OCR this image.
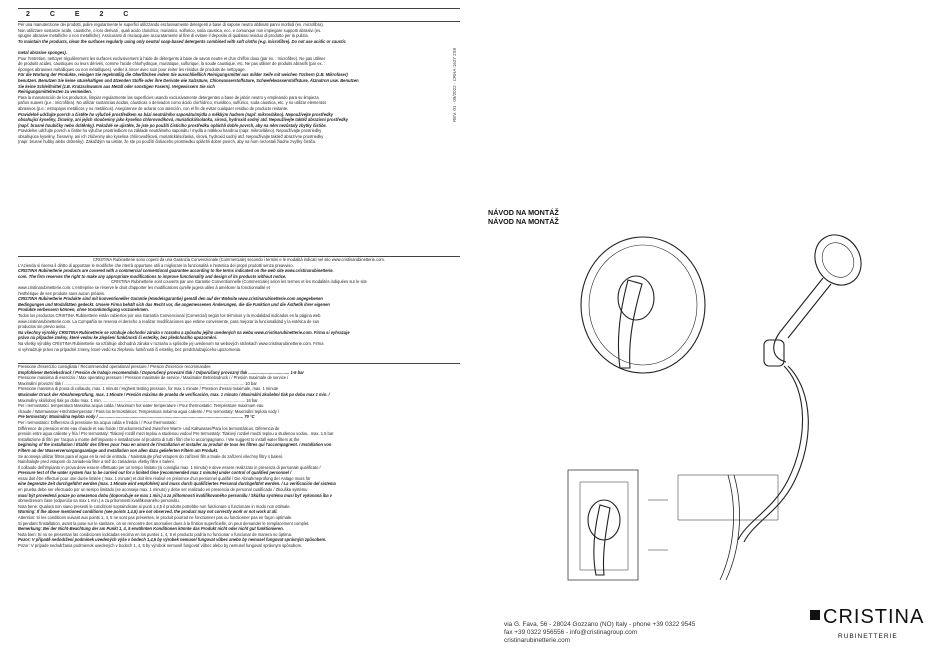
2 C E 2 C
Per una manutenzione dei prodotti, pulire regolarmente le superfici utilizzando esclusivamente detergenti a base di sapone neutro abbinati panni morbidi (es. microfibra).
Non utilizzare sostanze acide, caustiche, o loro derivati , quali acido cloridrico, muriatico, solforico, soda caustica, ecc. e comunque non impiegare supporti abrasivi (es.
spugne abrasive metalliche o non metalliche). Assicurarsi di risciacquare accuratamente al fine di evitare il deposito di qualsiasi residuo di prodotto per la pulizia.
To maintain the products, clean the surfaces regularly using only neutral soap-based detergents combined with soft cloths (e.g. microfibre). Do not use acidic or caustic

metal abrasive sponges).
Pour l'entretien, nettoyer régulièrement les surfaces exclusivement à l'aide de détergents à base de savon neutre et d'un chiffon doux (par ex. : microfibre). Ne pas utiliser
de produits acides, caustiques ou leurs dérivés, comme l'acide chlorhydrique, muriatique, sulfurique, la soude caustique, etc. Ne pas utiliser de produits abrasifs (par ex. :
éponges abrasives métalliques ou non métalliques). veiller à rincer avec soin pour éviter les résidus de produits de nettoyage.
Für die Wartung der Produkte, reinigen Sie regelmäßig die Oberflächen indem Sie ausschließlich Reinigungsmittel aus milder Seife mit weichen Tüchern (z.B. Mikrofaser)
benutzen. Benutzen Sie keine säurehaltigen und ätzenden Stoffe oder ihre Derivate wie Salzsäure, Chlorwasserstoffsäure, Schwefelwasserstoffsäure, Ätznatron usw. Benutzen
Sie keine Schleifmittel (z.B. Kratzschwamm aus Metall oder sonstigen Fasern). Vergewissern Sie sich
Reinigungsmittelresten zu vermeiden.
Para la manutención de los productos, limpiar regularmente las superficies usando exclusivamente detergentes a base de jabón neutro y empleando para su limpieza
paños suaves (p.e.: microfibra). No utilizar sustancias ácidas, cáusticas o derivados como ácido clorhídrico, muriático, sulfúrico, soda cáustica, etc. y no utilizar elementos
abrasivos (p.e.: estropajos metálicos y no metálicos). Asegúrense de aclarar con atención, con el fin de evitar cualquier residuo de producto restante.
Pravidelně udržujte povrch a čistěte ho výlučně prostředkem na bázi neutrálního saponátu/mýdla a měkkým hadrem (např. mikrovlákno). Nepoužívejte prostředky
obsahující kyseliny, žíraviny, ani jejich sloučeniny jako kyselina chlorovodíková, muriatická/solanka, sírová, hydroxid sodný atd. Nepoužívejte taktéž abrazivní prostředky
(např. brusné houbičky nebo drátěnky). Pokaždé se ujistěte, že jste po použití čisticího prostředku opláchli dobře povrch, aby na něm nezůstaly zbytky čističe.
Pravidelne udržujte povrch a čistite ho výlučne prostriedkom na základe neutrálneho saponátu / mydla a mäkkou handrou (napr. mikrovlákno). Nepoužívajte prostriedky
obsahujúce kyseliny, žieraviny, ani ich zlúčeniny ako kyselina chlórovodíková, muriatická/soľanka, sírová, hydroxid sodný atď. Nepoužívajte taktiež abrazívne prostriedky
(napr. brusné hubky alebo drôtenky). Zakaždým sa uistite, že ste po použití čistiaceho prostriedku opláchli dobre povrch, aby na ňom nezostali žiadne zvyšky čističa.
CRISTINA Rubinetterie sono coperti da una Garanzia Convenzionale (Commerciale) secondo i termini e le modalità indicati nel sito www.cristinarubinetterie.com.
L'Azienda si riserva il diritto di apportare le modifiche che riterrà opportune utili a migliorare la funzionalità e l'estetica dei propri prodotti senza preavviso.
CRISTINA Rubinetterie products are covered with a commercial conventional guarantee according to the terms indicated on the web site www.cristinarubinetterie.
com. The firm reserves the right to make any appropriate modifications to improve functionality and design of its products without notice.
CRISTINA Rubinetterie sont couverts par une Garantie Conventionnelle (Commerciale) selon les termes et les modalités indiquées sur le site
www.cristinarubinetterie.com. L'entreprise se réserve le droit d'apporter les modifications qu'elle jugera utiles à améliorer la fonctionnalité et
l'esthétique de ses produits sans aucun préavis.
CRISTINA Rubinetterie Produkte sind mit konventioneller Garantie (Handelsgarantie) gemäß den auf der Website www.cristinarubinetterie.com angegebenen
Bedingungen und Modalitäten gedeckt. Unsere Firma behält sich das Recht vor, die angemessenen Änderungen, die die Funktion und die Ästhetik ihrer eigenen
Produkte verbessern können, ohne Vorankündigung vorzunehmen.
Todos los productos CRISTINA Rubinetterie están cubiertos por una Garantía Convencional (Comercial) según los términos y la modalidad indicados en la página web
www.cristinarubinetterie.com. La Compañía se reserva el derecho a realizar modificaciones que estime conveniente, para mejorar la funcionalidad y la estética de sus
productos sin previo aviso.
Na všechny výrobky CRISTINA Rubinetterie se vztahuje obchodní záruka v rozsahu a způsobu jejího uvedených na webu www.cristinarubinetterie.com. Firma si vyhrazuje
právo na případné změny, které vedou ke zlepšení funkčnosti či estetiky, bez předchozího upozornění.
Na všetky výrobky CRISTINA Rubinetterie sa vzťahuje obchodná záruka v rozsahu a spôsobe jej uvedenom na webových stránkach www.cristinarubinetterie.com. Firma
si vyhradzuje právo na prípadné zmeny, ktoré vedú ku zlepšeniu funkčnosti či estetiky, bez predchádzajúceho upozornenia.
Pressione d'esercizio consigliata / Recommended operational pressure / Presion d'exercice recommandee
Empfohlener Betriebsdruck / Presión de trabajo recomendada / Doporučený provozní tlak / Odporúčaný provozný tlak .................................... 1-5 bar
Pressione massima di esercizio / Max operating pressure / Pression maximale de service / Maximaler Betriebsdruck / / Presión maximale de service /
Maximální provozní tlak / .............................................................................................................................................................. 10 bar
Pressione massima di prova di collaudo, max. 1 minuto / Highest testing pressure, for max 1 minute / Pression d'essai maximale, max. 1 minute
Maximaler Druck der Abnahmeprüfung, max. 1 Minute / Presión máxima de prueba de verificación, max. 1 minuto / Maximální zkušební tlak po dobu max 1 min. /
Maximálny skúšobný tlak po dobu max. 1 min. ............................................................................................................................. 16 bar
Per i termostatici: temperatura Massima acqua calda / Maximum hot water temperature / Pour thermostatic: Température maximum eau
chaude / Warmwasser-Höchsttemperatur / Para los termostáticos: Temperatura máxima agua caliente / Pro termostaty: Maximální teplota vody /
Pre termostaty: Maximálna teplota vody / ............................................................................................................................... 70 °C
Per i termostatici: Differenza di pressione tra acqua calda e fredda / / Pour thermostatic:
Différence de pression entre eau chaude et eau froide / Druckunterschied zwischen Warm- und Kaltwasser/Para los termostáticos, Diferencia de
presión entre agua caliente y fría / Pro termostaty: Tlakový rozdíl mezi teplou a studenou vodou/ Pre termostaty: Tlakový rozdiel medzi teplou a studenou vodou.. max. 1.5 bar
Installazione di filtri per l'acqua a monte dell'impianto e installazione al prodotto di tutti i filtri che lo accompagnano. / We suggest to install water filters at the
beginning of the installation / Établir des filtres pour l'eau en amont de l'installation et installer au produit de tous les filtres qui l'accompagnent. / Installation von
Filtern an der Wasserversorgungsanlage und Installation von allen dazu gelieferten Filtern am Produkt.
Se aconseja utilizar filtros para el agua en la red de entrada. / Nainstalujte před vstupem do zařízení filtr a trvale do zařízení všechny filtry s balení.
Nainštalujte pred vstupom do zariadenia filter a tiež do zariadenia všetky filtre s balení.
Il collaudo dell'impianto in prova deve essere effettuato per un tempo limitato (si consiglia max. 1 minuto) e deve essere realizzato in presenza di personale qualificato /
Pressure test of the water system has to be carried out for a limited time (recommended max 1 minute) under control of qualified personnel /
essai doit être effectué pour une durée limitée ( max. 1 minute) et doit être réalisé en présence d'un personnel qualifié / Die Abnahmeprüfung der Anlage muss für
eine begrenzte Zeit durchgeführt werden (max. 1 Minute wird empfohlen) und muss durch qualifiziertes Personal durchgeführt werden. / La verificación del sistema
en prueba debe ser efectuado por un tiempo limitado (se aconseja max. 1 minuto) y debe ser realizado en presencia de personal cualificado / Zkouška systému
musí být provedená pouze po omezenou dobu (doporučuje se max 1 min.) a za přítomnosti kvalifikovaného personálu / Skúška systému musí byť vykonaná iba v
obmedzenom čase (odporúča sa max 1 min.) a za prítomnosti kvalifikovaného personálu.
Nota bene: Qualora non siano presenti le condizioni sopraindicate ai punti 1,4,5 il prodotto potrebbe non funzionare o funzionare in modo non ottimale.
Warning: If the above mentioned conditions (see points 1,4,5) are not observed, the product may not correctly work or not work at all.
Attention: Si les conditions suivant aux points 1, 4, 5 ne sont pas présentes, le produit pourrait ne fonctionner pas ou fonctionner pas en façon optimale.
Si pendant l'installation, avant la pose sur le sanitaire, on se rencontre des anomalies dues à la finition superficielle, on peut demander le remplacement complet.
Bemerkung: Bei der Nicht-Beachtung der am Punkt 1, 4, 5 erwähnten Konditionen könnte das Produkt nicht oder nicht gut funktionieren.
Nota bien: Si no se presentan las condiciones indicadas encima en los puntos 1, 4, 5 el producto podría no funcionar o funcionar de manera no óptima.
Pozor: V případě nedodržení podmínek uvedených výše v bodech 1,4,5 by výrobek nemusel fungovat vůbec anebo by nemusel fungovat správným způsobem.
Pozor: V prípade nedodržania podmienok uvedených v bodoch 1, 4, 5 by výrobok nemusel fungovať vôbec alebo by nemusel fungovať správnym spôsobom.
REV. 01 · 09/2022 · CRHA-1627 2S9
NÁVOD NA MONTÁŽ
NÁVOD NA MONTÁŽ
CRISTINA
RUBINETTERIE
via G. Fava, 56 - 28024 Gozzano (NO) Italy - phone +39 0322 9545
fax +39 0322 956556 - info@cristinagroup.com
cristinarubinetterie.com
